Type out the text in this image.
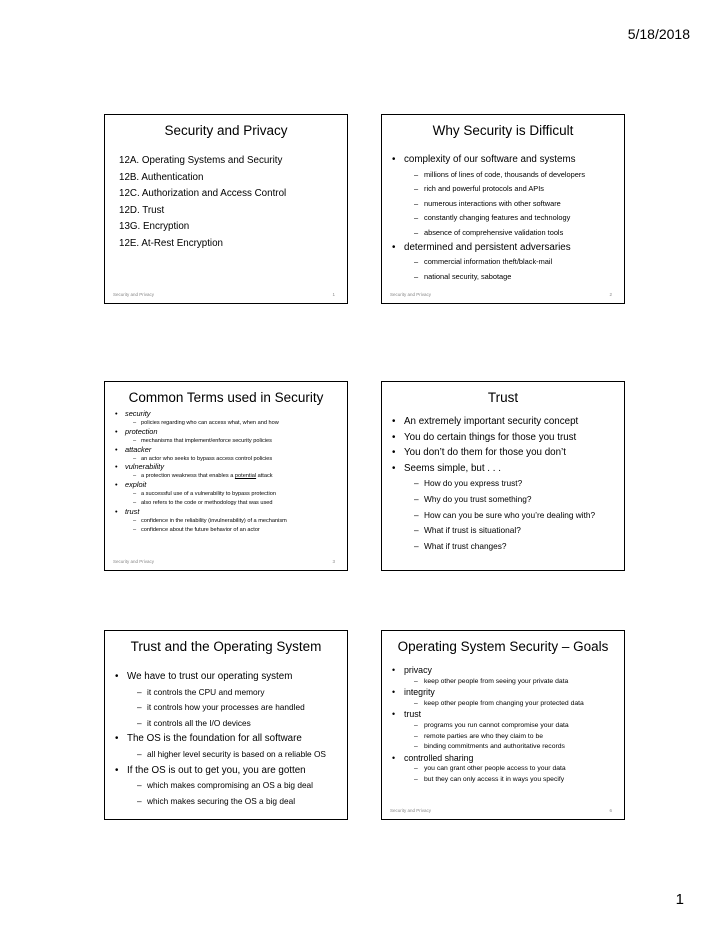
5/18/2018
Security and Privacy
12A. Operating Systems and Security
12B. Authentication
12C. Authorization and Access Control
12D. Trust
13G. Encryption
12E. At-Rest Encryption
Security and Privacy	1
Why Security is Difficult
• complexity of our software and systems
– millions of lines of code, thousands of developers
– rich and powerful protocols and APIs
– numerous interactions with other software
– constantly changing features and technology
– absence of comprehensive validation tools
• determined and persistent adversaries
– commercial information theft/black-mail
– national security, sabotage
Security and Privacy	2
Common Terms used in Security
• security
– policies regarding who can access what, when and how
• protection
– mechanisms that implement/enforce security policies
• attacker
– an actor who seeks to bypass access control policies
• vulnerability
– a protection weakness that enables a potential attack
• exploit
– a successful use of a vulnerability to bypass protection
– also refers to the code or methodology that was used
• trust
– confidence in the reliability (invulnerability) of a mechanism
– confidence about the future behavior of an actor
Security and Privacy	3
Trust
• An extremely important security concept
• You do certain things for those you trust
• You don’t do them for those you don’t
• Seems simple, but . . .
– How do you express trust?
– Why do you trust something?
– How can you be sure who you’re dealing with?
– What if trust is situational?
– What if trust changes?
Trust and the Operating System
• We have to trust our operating system
– it controls the CPU and memory
– it controls how your processes are handled
– it controls all the I/O devices
• The OS is the foundation for all software
– all higher level security is based on a reliable OS
• If the OS is out to get you, you are gotten
– which makes compromising an OS a big deal
– which makes securing the OS a big deal
Operating System Security – Goals
• privacy
– keep other people from seeing your private data
• integrity
– keep other people from changing your protected data
• trust
– programs you run cannot compromise your data
– remote parties are who they claim to be
– binding commitments and authoritative records
• controlled sharing
– you can grant other people access to your data
– but they can only access it in ways you specify
Security and Privacy	6
1
